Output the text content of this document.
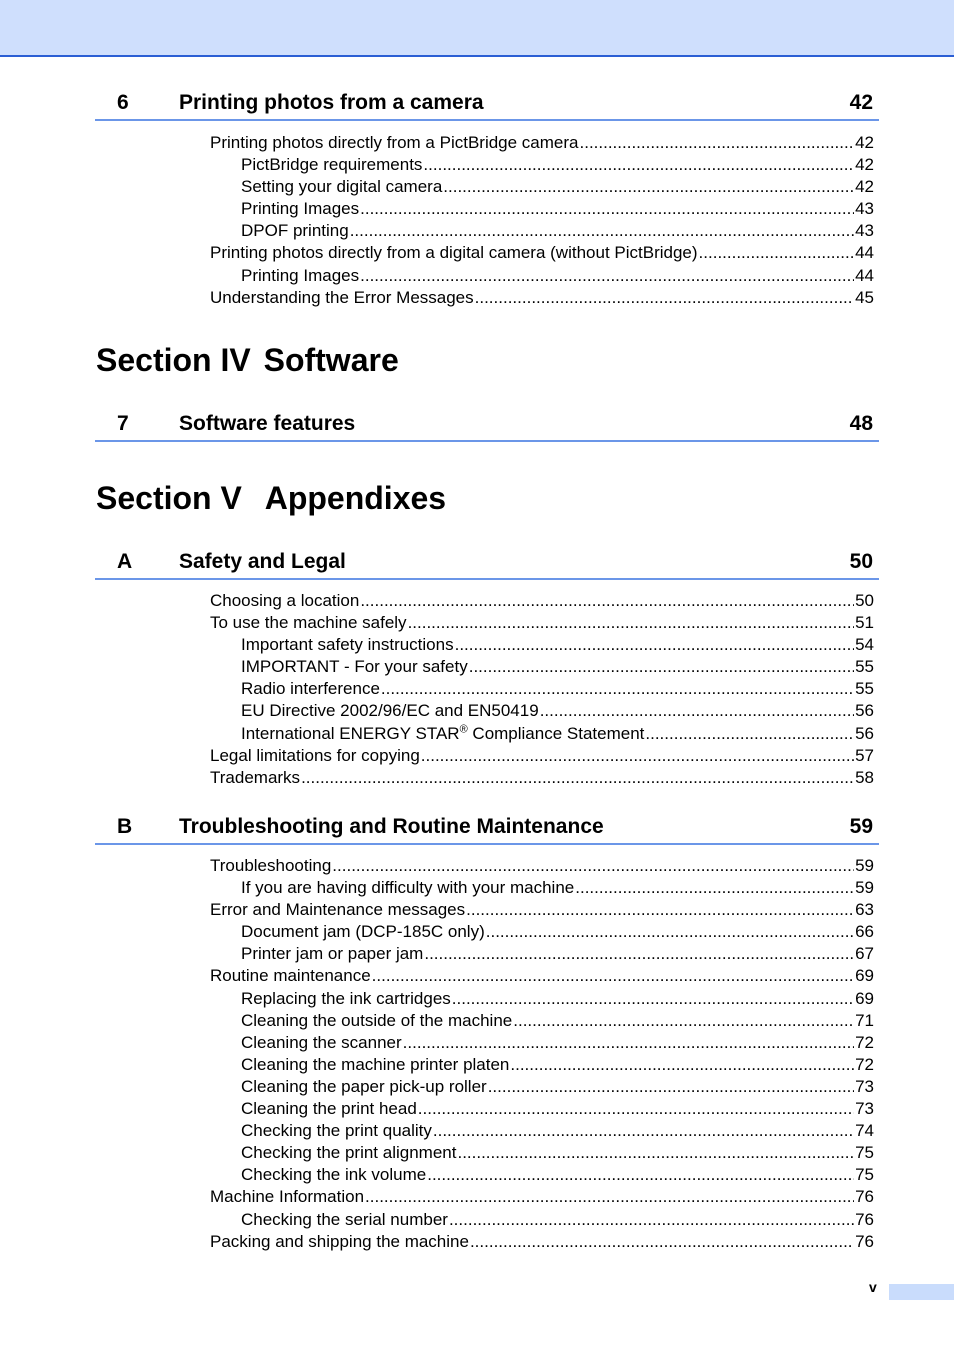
6 Printing photos from a camera	42
Printing photos directly from a PictBridge camera .....	42
PictBridge requirements .....	42
Setting your digital camera .....	42
Printing Images .....	43
DPOF printing .....	43
Printing photos directly from a digital camera (without PictBridge) .....	44
Printing Images .....	44
Understanding the Error Messages .....	45
Section IV Software
7 Software features	48
Section V Appendixes
A Safety and Legal	50
Choosing a location .....	50
To use the machine safely .....	51
Important safety instructions .....	54
IMPORTANT - For your safety .....	55
Radio interference .....	55
EU Directive 2002/96/EC and EN50419 .....	56
International ENERGY STAR® Compliance Statement .....	56
Legal limitations for copying .....	57
Trademarks .....	58
B Troubleshooting and Routine Maintenance	59
Troubleshooting .....	59
If you are having difficulty with your machine .....	59
Error and Maintenance messages .....	63
Document jam (DCP-185C only) .....	66
Printer jam or paper jam .....	67
Routine maintenance .....	69
Replacing the ink cartridges .....	69
Cleaning the outside of the machine .....	71
Cleaning the scanner .....	72
Cleaning the machine printer platen .....	72
Cleaning the paper pick-up roller .....	73
Cleaning the print head .....	73
Checking the print quality .....	74
Checking the print alignment .....	75
Checking the ink volume .....	75
Machine Information .....	76
Checking the serial number .....	76
Packing and shipping the machine .....	76
v
